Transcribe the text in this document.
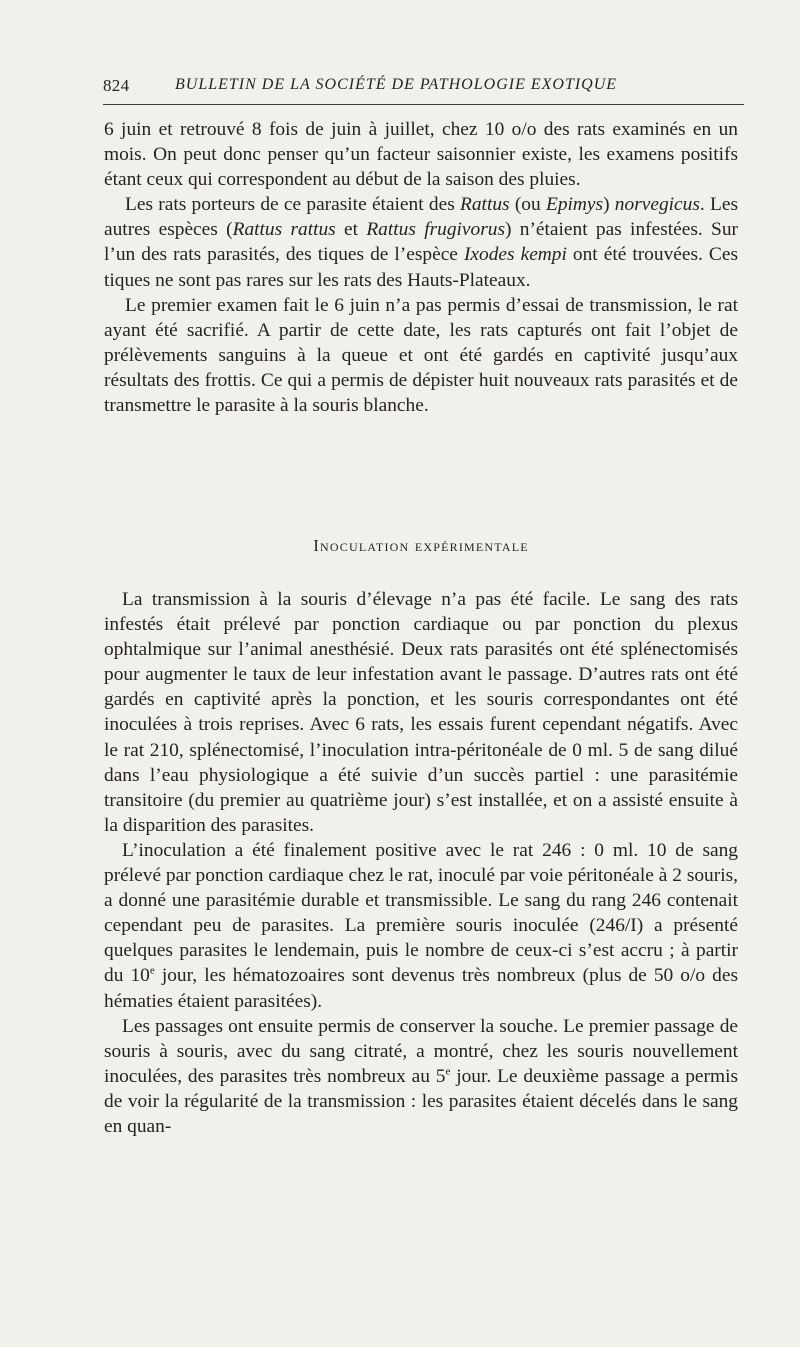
824	BULLETIN DE LA SOCIÉTÉ DE PATHOLOGIE EXOTIQUE

6 juin et retrouvé 8 fois de juin à juillet, chez 10 o/o des rats examinés en un mois. On peut donc penser qu’un facteur saisonnier existe, les examens positifs étant ceux qui correspondent au début de la saison des pluies.

Les rats porteurs de ce parasite étaient des Rattus (ou Epimys) norvegicus. Les autres espèces (Rattus rattus et Rattus frugivorus) n’étaient pas infestées. Sur l’un des rats parasités, des tiques de l’espèce Ixodes kempi ont été trouvées. Ces tiques ne sont pas rares sur les rats des Hauts-Plateaux.

Le premier examen fait le 6 juin n’a pas permis d’essai de transmission, le rat ayant été sacrifié. A partir de cette date, les rats capturés ont fait l’objet de prélèvements sanguins à la queue et ont été gardés en captivité jusqu’aux résultats des frottis. Ce qui a permis de dépister huit nouveaux rats parasités et de transmettre le parasite à la souris blanche.

Inoculation expérimentale

La transmission à la souris d’élevage n’a pas été facile. Le sang des rats infestés était prélevé par ponction cardiaque ou par ponction du plexus ophtalmique sur l’animal anesthésié. Deux rats parasités ont été splénectomisés pour augmenter le taux de leur infestation avant le passage. D’autres rats ont été gardés en captivité après la ponction, et les souris correspondantes ont été inoculées à trois reprises. Avec 6 rats, les essais furent cependant négatifs. Avec le rat 210, splénectomisé, l’inoculation intra-péritonéale de 0 ml. 5 de sang dilué dans l’eau physiologique a été suivie d’un succès partiel : une parasitémie transitoire (du premier au quatrième jour) s’est installée, et on a assisté ensuite à la disparition des parasites.

L’inoculation a été finalement positive avec le rat 246 : 0 ml. 10 de sang prélevé par ponction cardiaque chez le rat, inoculé par voie péritonéale à 2 souris, a donné une parasitémie durable et transmissible. Le sang du rang 246 contenait cependant peu de parasites. La première souris inoculée (246/I) a présenté quelques parasites le lendemain, puis le nombre de ceux-ci s’est accru ; à partir du 10e jour, les hématozoaires sont devenus très nombreux (plus de 50 o/o des hématies étaient parasitées).

Les passages ont ensuite permis de conserver la souche. Le premier passage de souris à souris, avec du sang citraté, a montré, chez les souris nouvellement inoculées, des parasites très nombreux au 5e jour. Le deuxième passage a permis de voir la régularité de la transmission : les parasites étaient décelés dans le sang en quan-
